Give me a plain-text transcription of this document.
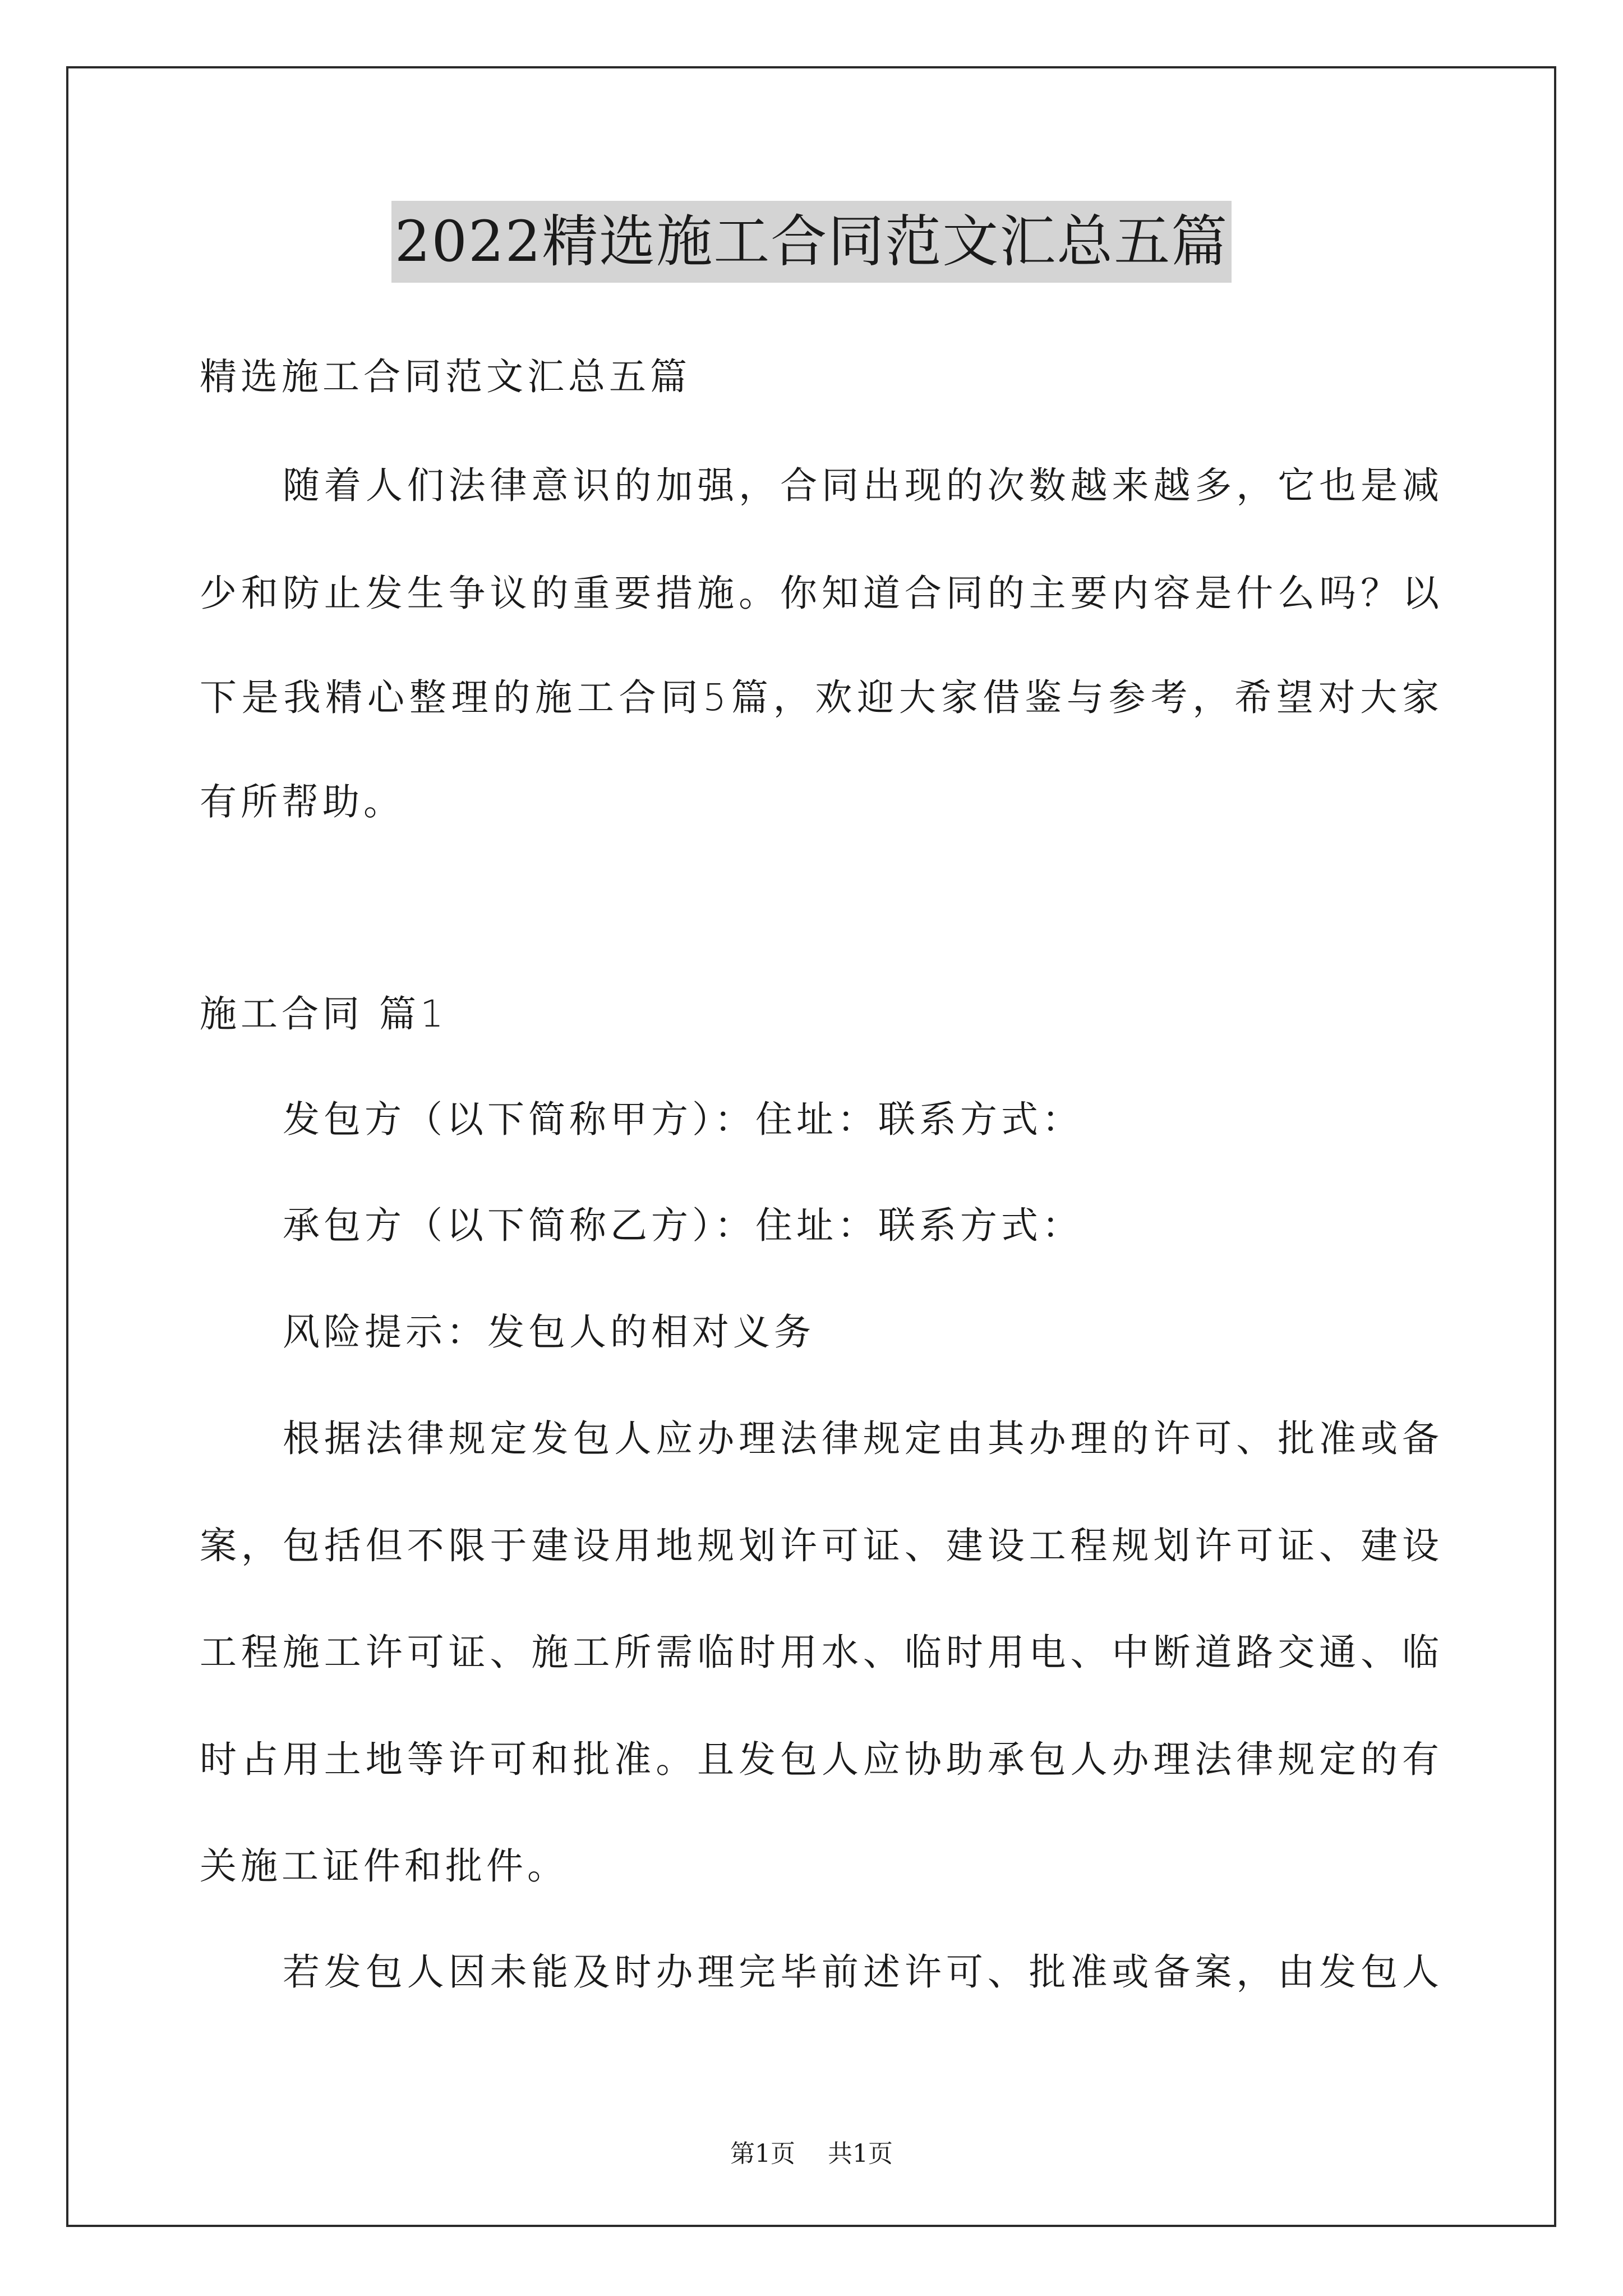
2022精选施工合同范文汇总五篇
精选施工合同范文汇总五篇
随着人们法律意识的加强，合同出现的次数越来越多，它也是减
少和防止发生争议的重要措施。你知道合同的主要内容是什么吗？以
下是我精心整理的施工合同5篇，欢迎大家借鉴与参考，希望对大家
有所帮助。
施工合同 篇1
发包方（以下简称甲方）：住址：联系方式：
承包方（以下简称乙方）：住址：联系方式：
风险提示：发包人的相对义务
根据法律规定发包人应办理法律规定由其办理的许可、批准或备
案，包括但不限于建设用地规划许可证、建设工程规划许可证、建设
工程施工许可证、施工所需临时用水、临时用电、中断道路交通、临
时占用土地等许可和批准。且发包人应协助承包人办理法律规定的有
关施工证件和批件。
若发包人因未能及时办理完毕前述许可、批准或备案，由发包人
第1页 共1页
